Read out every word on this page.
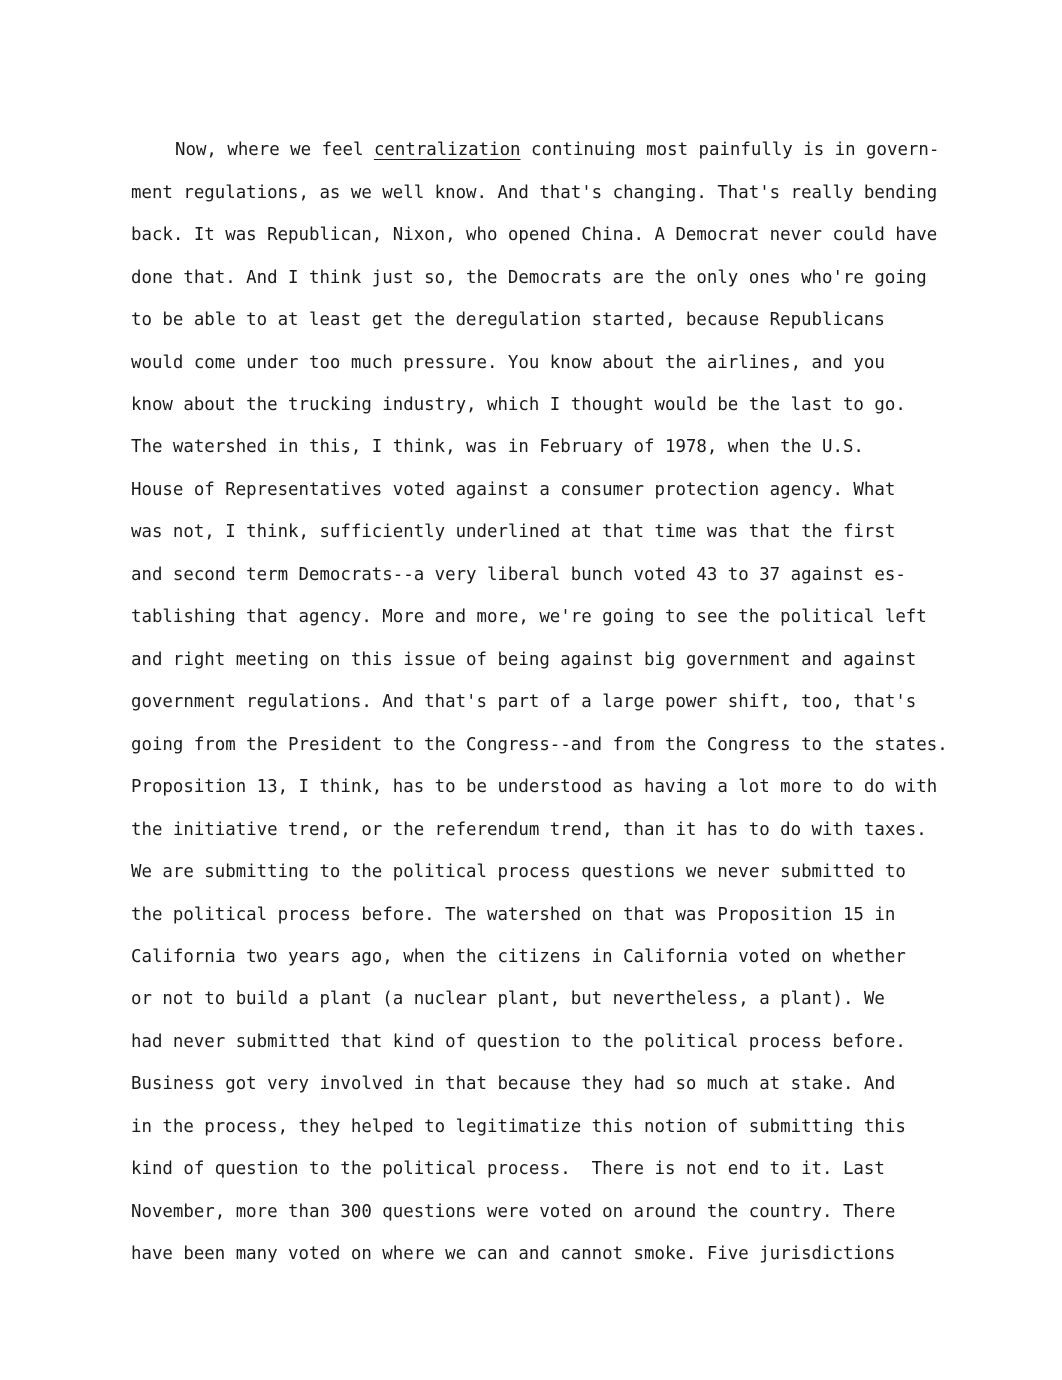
Now, where we feel centralization continuing most painfully is in govern-
ment regulations, as we well know. And that's changing. That's really bending
back. It was Republican, Nixon, who opened China. A Democrat never could have
done that. And I think just so, the Democrats are the only ones who're going
to be able to at least get the deregulation started, because Republicans
would come under too much pressure. You know about the airlines, and you
know about the trucking industry, which I thought would be the last to go.
The watershed in this, I think, was in February of 1978, when the U.S.
House of Representatives voted against a consumer protection agency. What
was not, I think, sufficiently underlined at that time was that the first
and second term Democrats--a very liberal bunch voted 43 to 37 against es-
tablishing that agency. More and more, we're going to see the political left
and right meeting on this issue of being against big government and against
government regulations. And that's part of a large power shift, too, that's
going from the President to the Congress--and from the Congress to the states.
Proposition 13, I think, has to be understood as having a lot more to do with
the initiative trend, or the referendum trend, than it has to do with taxes.
We are submitting to the political process questions we never submitted to
the political process before. The watershed on that was Proposition 15 in
California two years ago, when the citizens in California voted on whether
or not to build a plant (a nuclear plant, but nevertheless, a plant). We
had never submitted that kind of question to the political process before.
Business got very involved in that because they had so much at stake. And
in the process, they helped to legitimatize this notion of submitting this
kind of question to the political process.  There is not end to it. Last
November, more than 300 questions were voted on around the country. There
have been many voted on where we can and cannot smoke. Five jurisdictions
